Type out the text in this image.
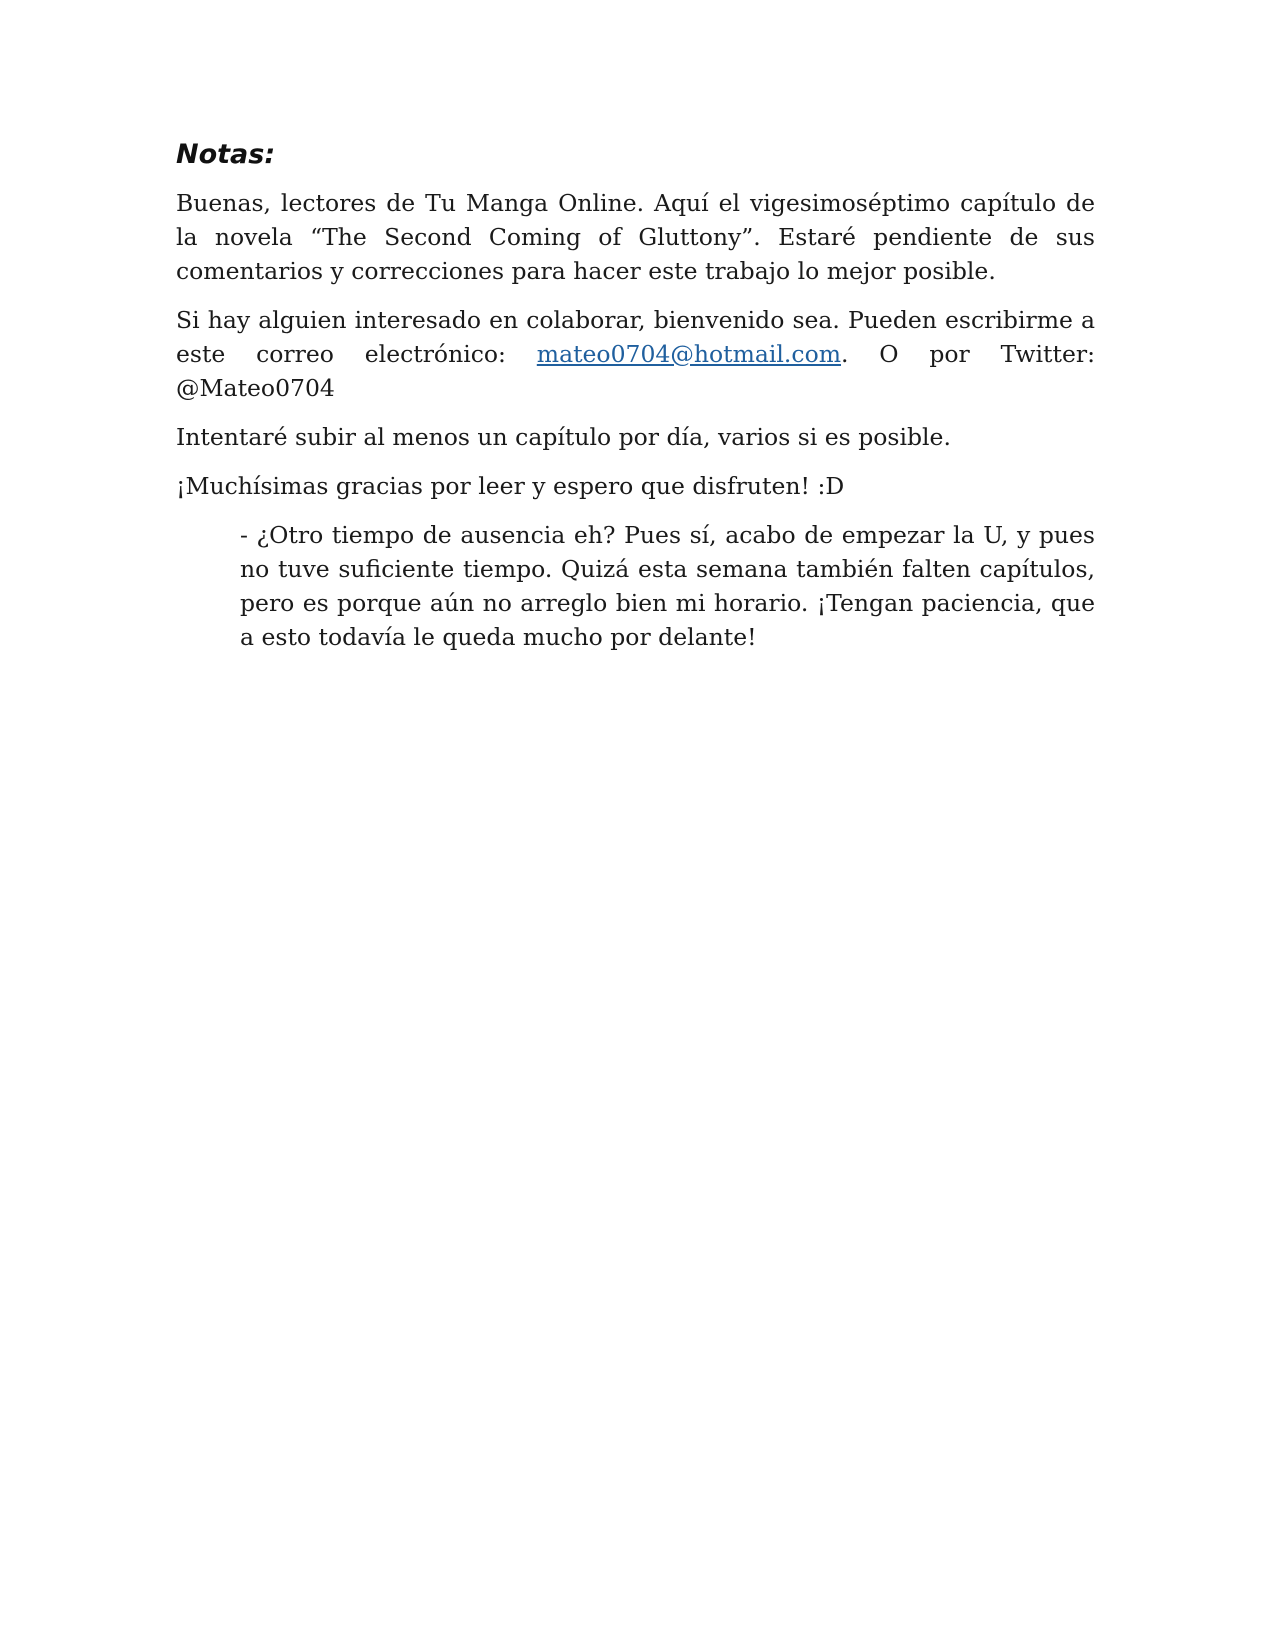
Notas:

Buenas, lectores de Tu Manga Online. Aquí el vigesimoséptimo capítulo de la novela “The Second Coming of Gluttony”. Estaré pendiente de sus comentarios y correcciones para hacer este trabajo lo mejor posible.

Si hay alguien interesado en colaborar, bienvenido sea. Pueden escribirme a este correo electrónico: mateo0704@hotmail.com. O por Twitter: @Mateo0704

Intentaré subir al menos un capítulo por día, varios si es posible.

¡Muchísimas gracias por leer y espero que disfruten! :D

- ¿Otro tiempo de ausencia eh? Pues sí, acabo de empezar la U, y pues no tuve suficiente tiempo. Quizá esta semana también falten capítulos, pero es porque aún no arreglo bien mi horario. ¡Tengan paciencia, que a esto todavía le queda mucho por delante!
